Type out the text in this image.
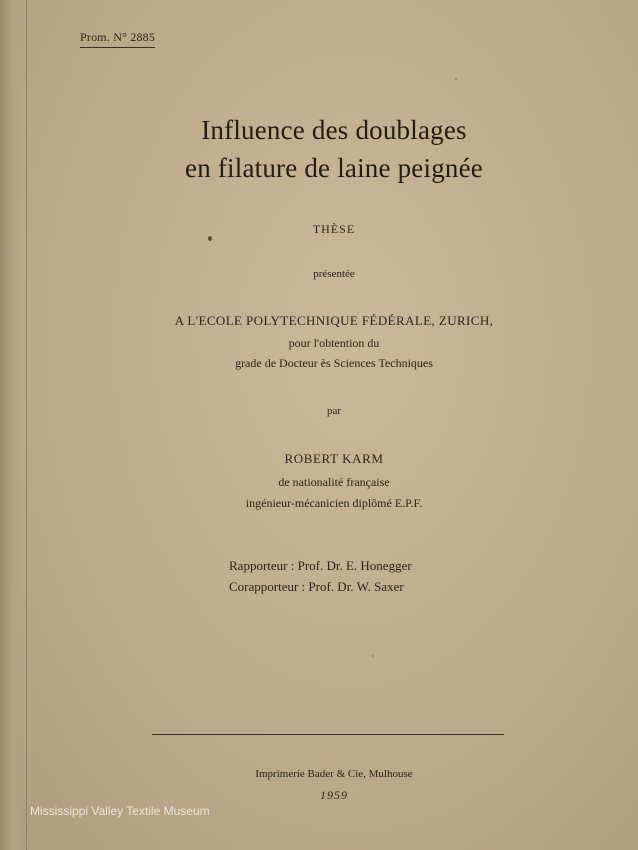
Prom. N° 2885
Influence des doublages
en filature de laine peignée
THÈSE
présentée
A L'ECOLE POLYTECHNIQUE FÉDÉRALE, ZURICH,
pour l'obtention du
grade de Docteur ès Sciences Techniques
par
ROBERT KARM
de nationalité française
ingénieur-mécanicien diplômé E.P.F.
Rapporteur : Prof. Dr. E. Honegger
Corapporteur : Prof. Dr. W. Saxer
Imprimerie Bader & Cie, Mulhouse
1959
Mississippi Valley Textile Museum
